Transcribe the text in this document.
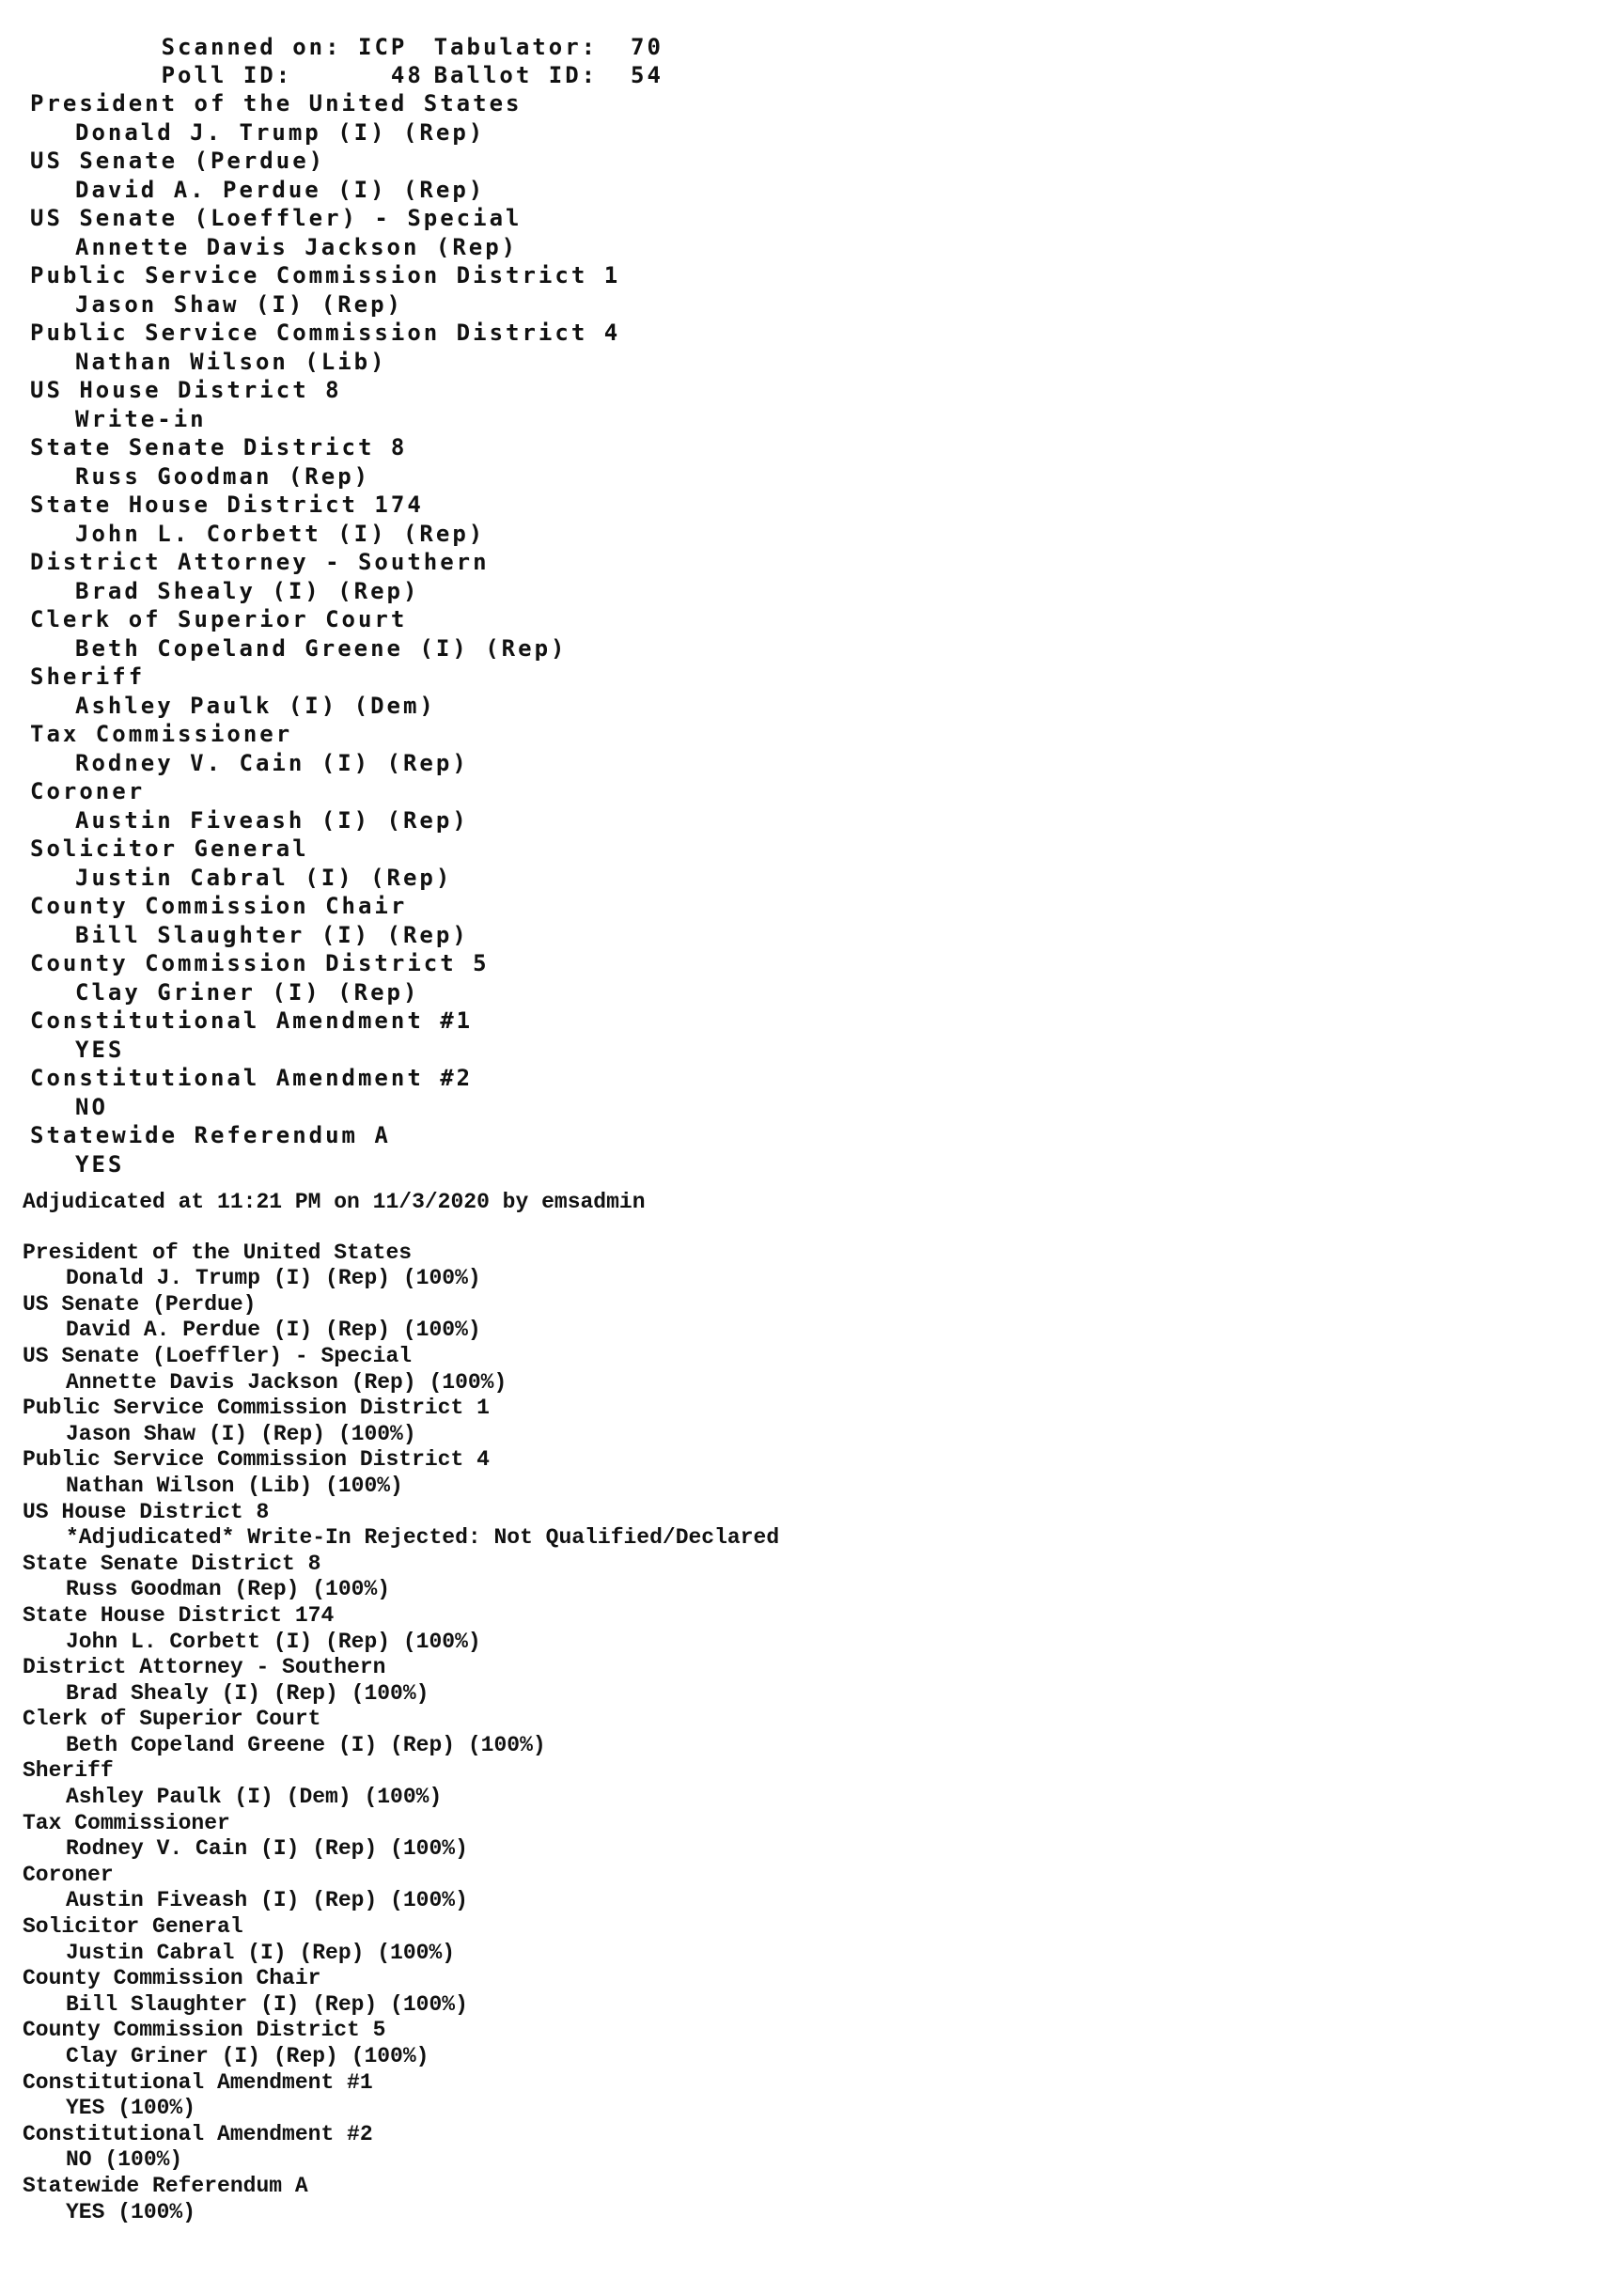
Scanned on: ICP Tabulator: 70

Poll ID:	48 Ballot ID: 54

President of the United States
Donald J. Trump (I) (Rep)
US Senate (Perdue)
David A. Perdue (I) (Rep)
US Senate (Loeffler) - Special
Annette Davis Jackson (Rep)
Public Service Commission District 1
Jason Shaw (I) (Rep)
Public Service Commission District 4
Nathan Wilson (Lib)
US House District 8
Write-in
State Senate District 8
Russ Goodman (Rep)
State House District 174
John L. Corbett (I) (Rep)
District Attorney - Southern
Brad Shealy (I) (Rep)
Clerk of Superior Court
Beth Copeland Greene (I) (Rep)
Sheriff
Ashley Paulk (I) (Dem)
Tax Commissioner
Rodney V. Cain (I) (Rep)
Coroner
Austin Fiveash (I) (Rep)
Solicitor General
Justin Cabral (I) (Rep)
County Commission Chair
Bill Slaughter (I) (Rep)
County Commission District 5
Clay Griner (I) (Rep)
Constitutional Amendment #1
YES
Constitutional Amendment #2
NO
Statewide Referendum A
YES
Adjudicated at 11:21 PM on 11/3/2020 by emsadmin
President of the United States
Donald J. Trump (I) (Rep) (100%)
US Senate (Perdue)
David A. Perdue (I) (Rep) (100%)
US Senate (Loeffler) - Special
Annette Davis Jackson (Rep) (100%)
Public Service Commission District 1
Jason Shaw (I) (Rep) (100%)
Public Service Commission District 4
Nathan Wilson (Lib) (100%)
US House District 8
*Adjudicated* Write-In Rejected: Not Qualified/Declared
State Senate District 8
Russ Goodman (Rep) (100%)
State House District 174
John L. Corbett (I) (Rep) (100%)
District Attorney - Southern
Brad Shealy (I) (Rep) (100%)
Clerk of Superior Court
Beth Copeland Greene (I) (Rep) (100%)
Sheriff
Ashley Paulk (I) (Dem) (100%)
Tax Commissioner
Rodney V. Cain (I) (Rep) (100%)
Coroner
Austin Fiveash (I) (Rep) (100%)
Solicitor General
Justin Cabral (I) (Rep) (100%)
County Commission Chair
Bill Slaughter (I) (Rep) (100%)
County Commission District 5
Clay Griner (I) (Rep) (100%)
Constitutional Amendment #1
YES (100%)
Constitutional Amendment #2
NO (100%)
Statewide Referendum A
YES (100%)
